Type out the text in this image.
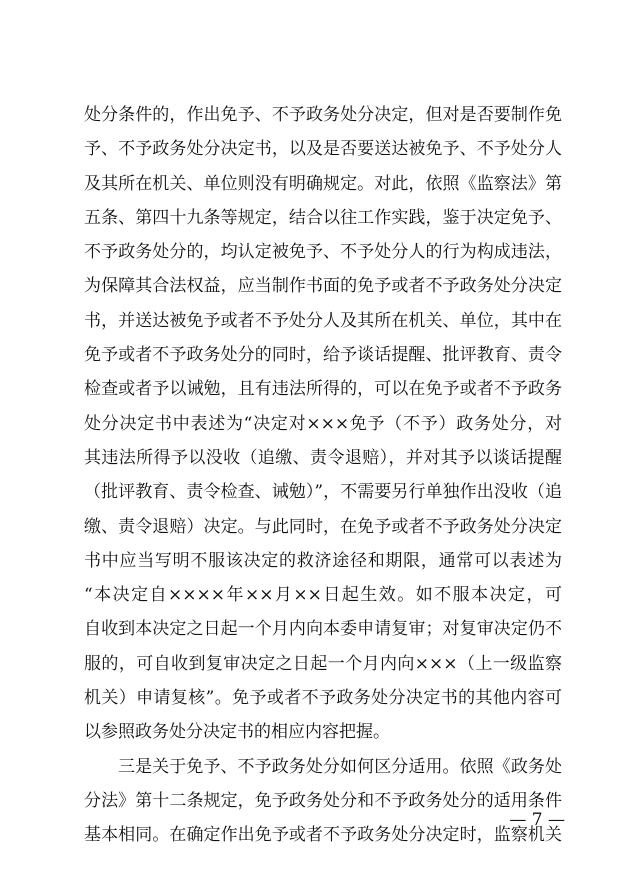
处分条件的，作出免予、不予政务处分决定，但对是否要制作免
予、不予政务处分决定书，以及是否要送达被免予、不予处分人
及其所在机关、单位则没有明确规定。对此，依照《监察法》第
五条、第四十九条等规定，结合以往工作实践，鉴于决定免予、
不予政务处分的，均认定被免予、不予处分人的行为构成违法，
为保障其合法权益，应当制作书面的免予或者不予政务处分决定
书，并送达被免予或者不予处分人及其所在机关、单位，其中在
免予或者不予政务处分的同时，给予谈话提醒、批评教育、责令
检查或者予以诫勉，且有违法所得的，可以在免予或者不予政务
处分决定书中表述为“决定对×××免予（不予）政务处分，对
其违法所得予以没收（追缴、责令退赔），并对其予以谈话提醒
（批评教育、责令检查、诫勉）”，不需要另行单独作出没收（追
缴、责令退赔）决定。与此同时，在免予或者不予政务处分决定
书中应当写明不服该决定的救济途径和期限，通常可以表述为
“本决定自××××年××月××日起生效。如不服本决定，可
自收到本决定之日起一个月内向本委申请复审；对复审决定仍不
服的，可自收到复审决定之日起一个月内向×××（上一级监察
机关）申请复核”。免予或者不予政务处分决定书的其他内容可
以参照政务处分决定书的相应内容把握。
三是关于免予、不予政务处分如何区分适用。依照《政务处
分法》第十二条规定，免予政务处分和不予政务处分的适用条件
基本相同。在确定作出免予或者不予政务处分决定时，监察机关
— 7 —
